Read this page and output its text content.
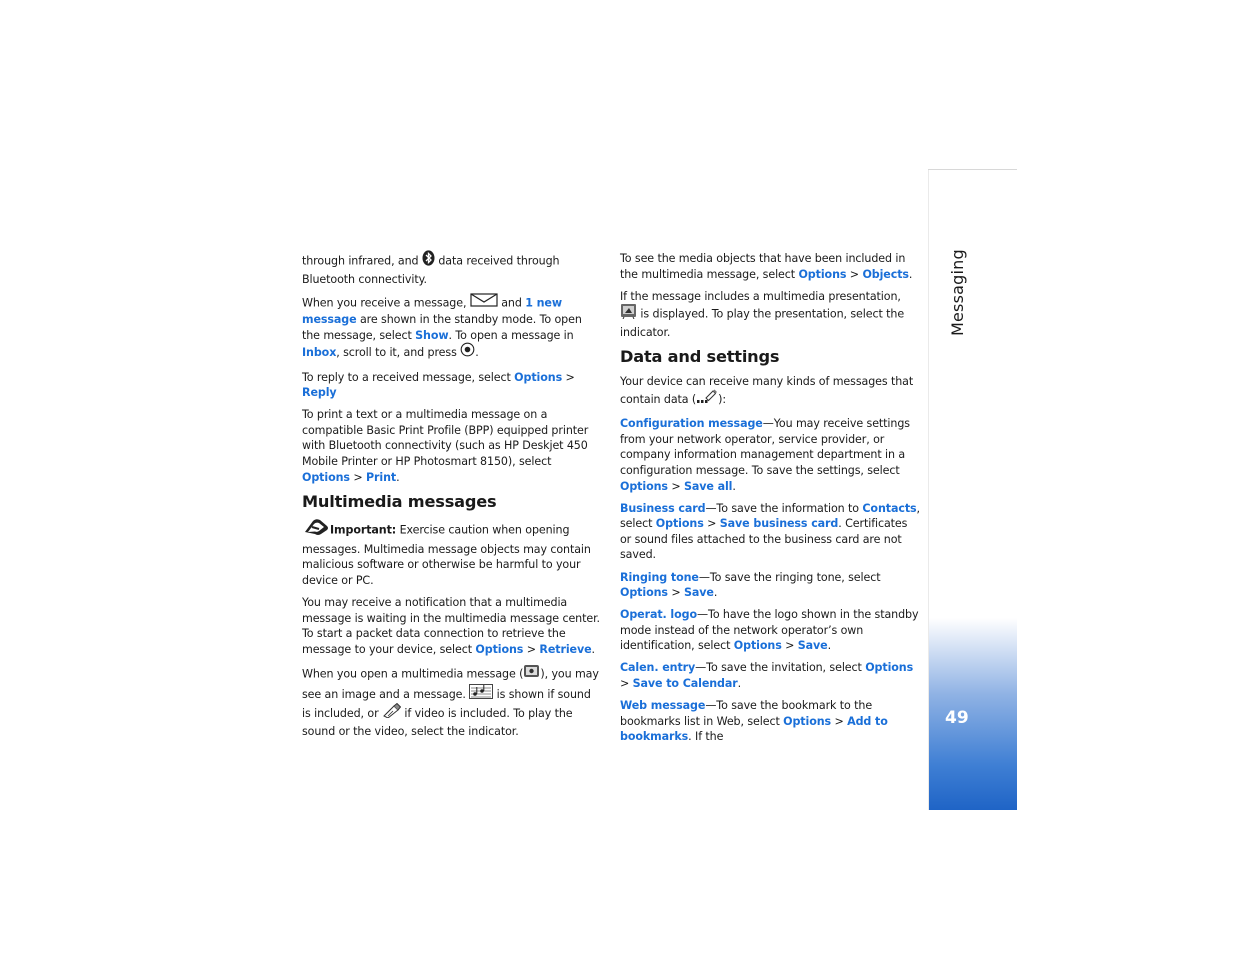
Messaging
49

through infrared, and  data received through Bluetooth connectivity.

When you receive a message,	and 1 new message are shown in the standby mode. To open the message, select Show. To open a message in Inbox, scroll to it, and press .

To reply to a received message, select Options > Reply

To print a text or a multimedia message on a compatible Basic Print Profile (BPP) equipped printer with Bluetooth connectivity (such as HP Deskjet 450 Mobile Printer or HP Photosmart 8150), select Options > Print.

Multimedia messages

Important: Exercise caution when opening messages. Multimedia message objects may contain malicious software or otherwise be harmful to your device or PC.

You may receive a notification that a multimedia message is waiting in the multimedia message center. To start a packet data connection to retrieve the message to your device, select Options > Retrieve.

When you open a multimedia message ( ), you may see an image and a message.  is shown if sound is included, or  if video is included. To play the sound or the video, select the indicator.

To see the media objects that have been included in the multimedia message, select Options > Objects.

If the message includes a multimedia presentation,  is displayed. To play the presentation, select the indicator.

Data and settings

Your device can receive many kinds of messages that contain data ( ):

Configuration message—You may receive settings from your network operator, service provider, or company information management department in a configuration message. To save the settings, select Options > Save all.

Business card—To save the information to Contacts, select Options > Save business card. Certificates or sound files attached to the business card are not saved.

Ringing tone—To save the ringing tone, select Options > Save.

Operat. logo—To have the logo shown in the standby mode instead of the network operator’s own identification, select Options > Save.

Calen. entry—To save the invitation, select Options > Save to Calendar.

Web message—To save the bookmark to the bookmarks list in Web, select Options > Add to bookmarks. If the
